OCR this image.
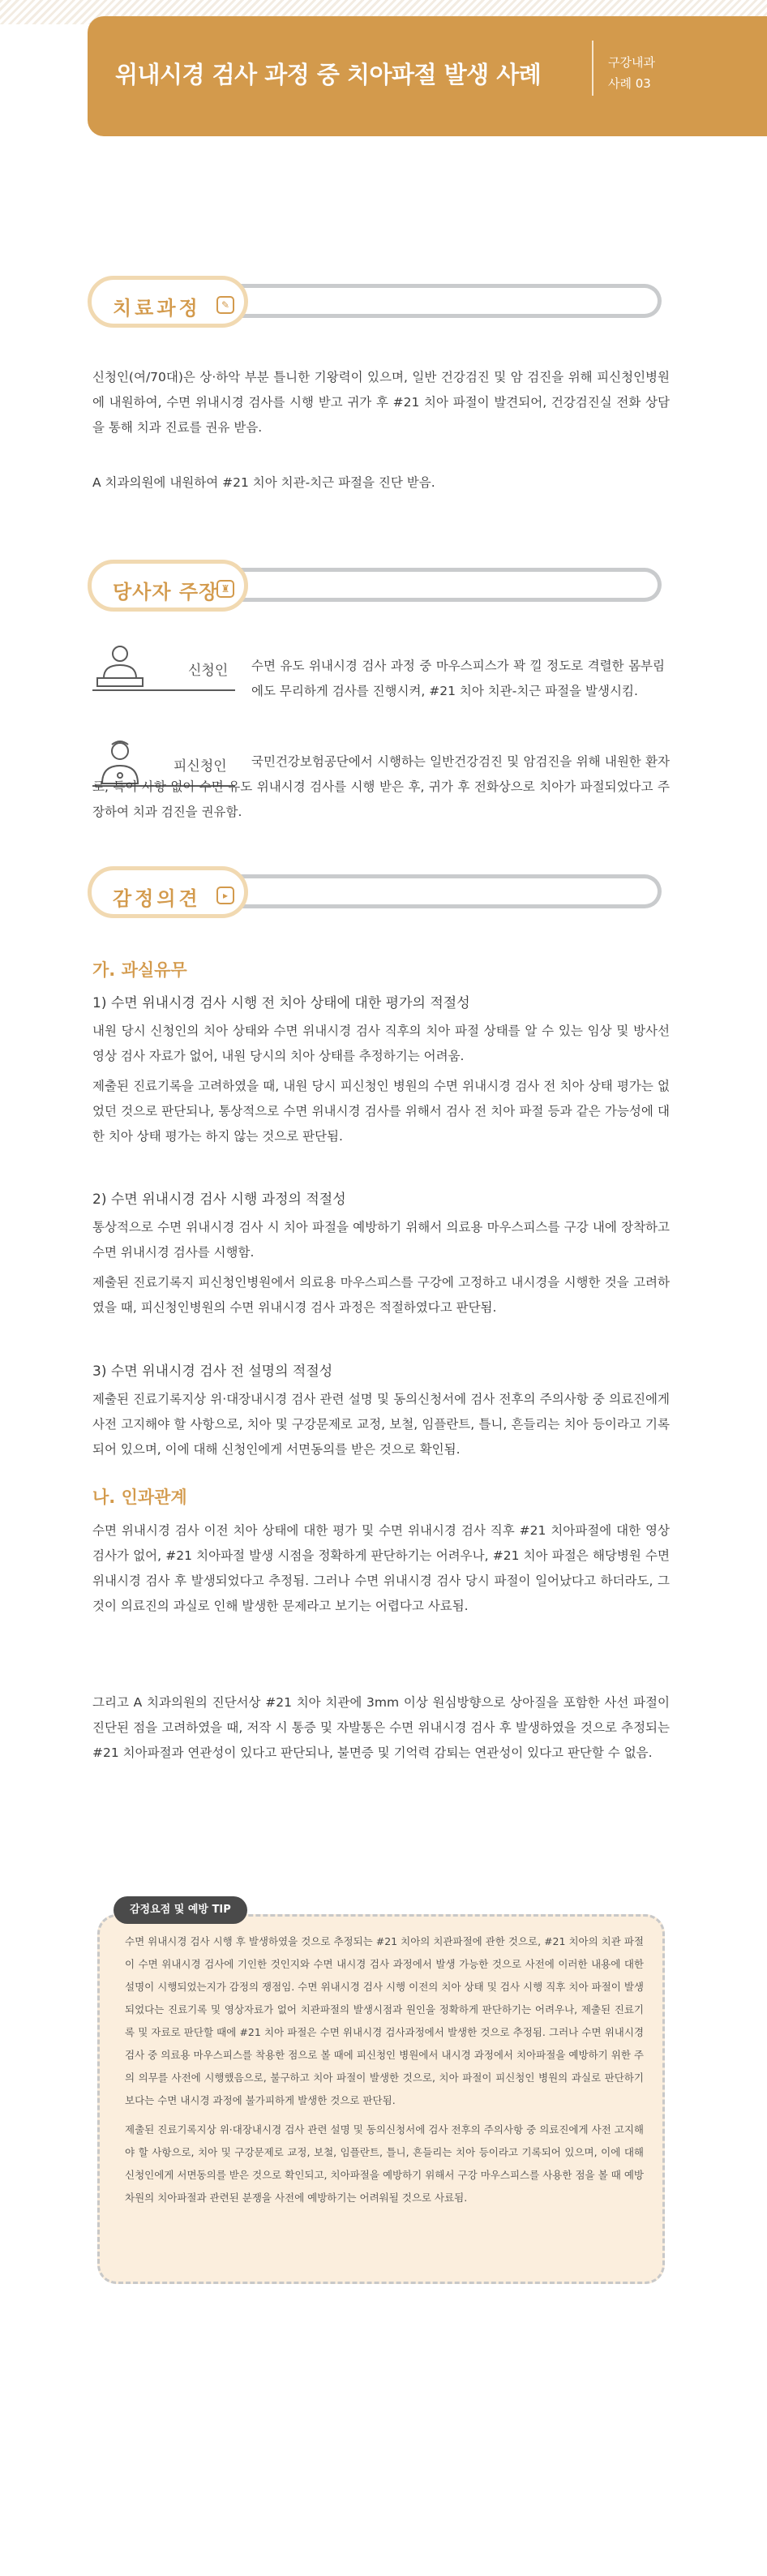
위내시경 검사 과정 중 치아파절 발생 사례	구강내과
사례 03
치료과정	✎
신청인(여/70대)은 상·하악 부분 틀니한 기왕력이 있으며, 일반 건강검진 및 암 검진을 위해 피신청인병원에 내원하여, 수면 위내시경 검사를 시행 받고 귀가 후 #21 치아 파절이 발견되어, 건강검진실 전화 상담을 통해 치과 진료를 권유 받음.
A 치과의원에 내원하여 #21 치아 치관-치근 파절을 진단 받음.
당사자 주장 ♜
신청인 수면 유도 위내시경 검사 과정 중 마우스피스가 꽉 낄 정도로 격렬한 몸부림에도 무리하게 검사를 진행시켜, #21 치아 치관-치근 파절을 발생시킴.
피신청인	국민건강보험공단에서 시행하는 일반건강검진 및 암검진을 위해 내원한 환자로, 특이 사항 없이 수면 유도 위내시경 검사를 시행 받은 후, 귀가 후 전화상으로 치아가 파절되었다고 주장하여 치과 검진을 권유함.
감정의견	▸
가. 과실유무
1) 수면 위내시경 검사 시행 전 치아 상태에 대한 평가의 적절성
내원 당시 신청인의 치아 상태와 수면 위내시경 검사 직후의 치아 파절 상태를 알 수 있는 임상 및 방사선 영상 검사 자료가 없어, 내원 당시의 치아 상태를 추정하기는 어려움.
제출된 진료기록을 고려하였을 때, 내원 당시 피신청인 병원의 수면 위내시경 검사 전 치아 상태 평가는 없었던 것으로 판단되나, 통상적으로 수면 위내시경 검사를 위해서 검사 전 치아 파절 등과 같은 가능성에 대한 치아 상태 평가는 하지 않는 것으로 판단됨.
2) 수면 위내시경 검사 시행 과정의 적절성
통상적으로 수면 위내시경 검사 시 치아 파절을 예방하기 위해서 의료용 마우스피스를 구강 내에 장착하고 수면 위내시경 검사를 시행함.
제출된 진료기록지 피신청인병원에서 의료용 마우스피스를 구강에 고정하고 내시경을 시행한 것을 고려하였을 때, 피신청인병원의 수면 위내시경 검사 과정은 적절하였다고 판단됨.
3) 수면 위내시경 검사 전 설명의 적절성
제출된 진료기록지상 위·대장내시경 검사 관련 설명 및 동의신청서에 검사 전후의 주의사항 중 의료진에게 사전 고지해야 할 사항으로, 치아 및 구강문제로 교정, 보철, 임플란트, 틀니, 흔들리는 치아 등이라고 기록되어 있으며, 이에 대해 신청인에게 서면동의를 받은 것으로 확인됨.
나. 인과관계
수면 위내시경 검사 이전 치아 상태에 대한 평가 및 수면 위내시경 검사 직후 #21 치아파절에 대한 영상 검사가 없어, #21 치아파절 발생 시점을 정확하게 판단하기는 어려우나, #21 치아 파절은 해당병원 수면 위내시경 검사 후 발생되었다고 추정됨. 그러나 수면 위내시경 검사 당시 파절이 일어났다고 하더라도, 그것이 의료진의 과실로 인해 발생한 문제라고 보기는 어렵다고 사료됨.
그리고 A 치과의원의 진단서상 #21 치아 치관에 3mm 이상 원심방향으로 상아질을 포함한 사선 파절이 진단된 점을 고려하였을 때, 저작 시 통증 및 자발통은 수면 위내시경 검사 후 발생하였을 것으로 추정되는 #21 치아파절과 연관성이 있다고 판단되나, 불면증 및 기억력 감퇴는 연관성이 있다고 판단할 수 없음.
감정요점 및 예방 TIP
수면 위내시경 검사 시행 후 발생하였을 것으로 추정되는 #21 치아의 치관파절에 관한 것으로, #21 치아의 치관 파절이 수면 위내시경 검사에 기인한 것인지와 수면 내시경 검사 과정에서 발생 가능한 것으로 사전에 이러한 내용에 대한 설명이 시행되었는지가 감정의 쟁점임. 수면 위내시경 검사 시행 이전의 치아 상태 및 검사 시행 직후 치아 파절이 발생되었다는 진료기록 및 영상자료가 없어 치관파절의 발생시점과 원인을 정확하게 판단하기는 어려우나, 제출된 진료기록 및 자료로 판단할 때에 #21 치아 파절은 수면 위내시경 검사과정에서 발생한 것으로 추정됨. 그러나 수면 위내시경 검사 중 의료용 마우스피스를 착용한 점으로 볼 때에 피신청인 병원에서 내시경 과정에서 치아파절을 예방하기 위한 주의 의무를 사전에 시행했음으로, 불구하고 치아 파절이 발생한 것으로, 치아 파절이 피신청인 병원의 과실로 판단하기 보다는 수면 내시경 과정에 불가피하게 발생한 것으로 판단됨.
제출된 진료기록지상 위·대장내시경 검사 관련 설명 및 동의신청서에 검사 전후의 주의사항 중 의료진에게 사전 고지해야 할 사항으로, 치아 및 구강문제로 교정, 보철, 임플란트, 틀니, 흔들리는 치아 등이라고 기록되어 있으며, 이에 대해 신청인에게 서면동의를 받은 것으로 확인되고, 치아파절을 예방하기 위해서 구강 마우스피스를 사용한 점을 볼 때 예방 차원의 치아파절과 관련된 분쟁을 사전에 예방하기는 어려워될 것으로 사료됨.
